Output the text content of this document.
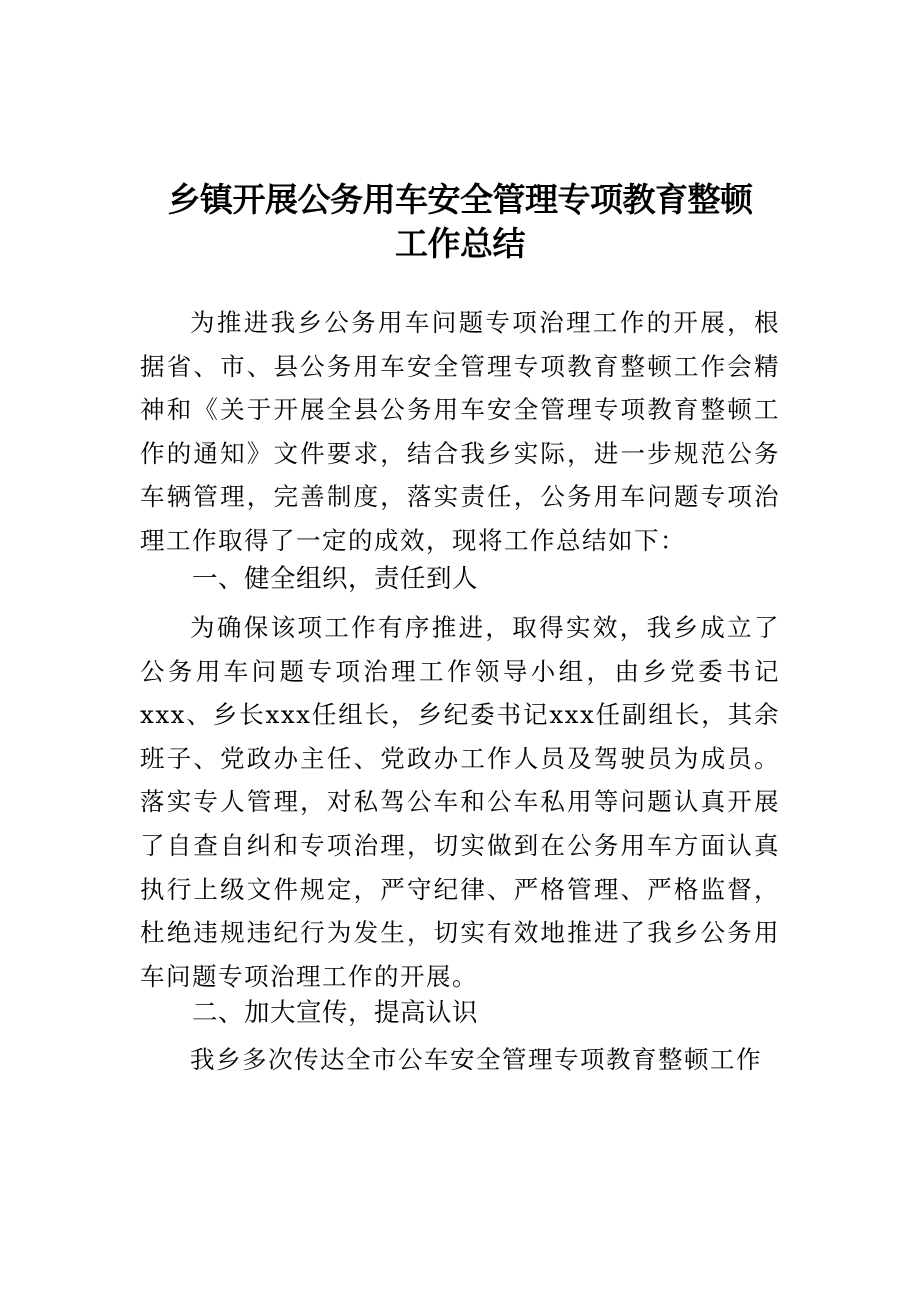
乡镇开展公务用车安全管理专项教育整顿
工作总结

为推进我乡公务用车问题专项治理工作的开展，根据省、市、县公务用车安全管理专项教育整顿工作会精神和《关于开展全县公务用车安全管理专项教育整顿工作的通知》文件要求，结合我乡实际，进一步规范公务车辆管理，完善制度，落实责任，公务用车问题专项治理工作取得了一定的成效，现将工作总结如下：

一、健全组织，责任到人

为确保该项工作有序推进，取得实效，我乡成立了公务用车问题专项治理工作领导小组，由乡党委书记xxx、乡长xxx任组长，乡纪委书记xxx任副组长，其余班子、党政办主任、党政办工作人员及驾驶员为成员。落实专人管理，对私驾公车和公车私用等问题认真开展了自查自纠和专项治理，切实做到在公务用车方面认真执行上级文件规定，严守纪律、严格管理、严格监督，杜绝违规违纪行为发生，切实有效地推进了我乡公务用车问题专项治理工作的开展。

二、加大宣传，提高认识

我乡多次传达全市公车安全管理专项教育整顿工作
